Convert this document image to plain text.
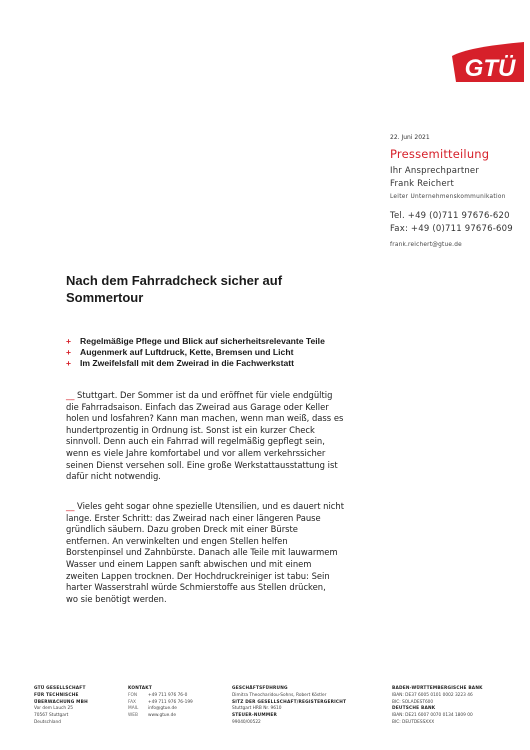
GTÜ
22. Juni 2021
Pressemitteilung
Ihr Ansprechpartner
Frank Reichert
Leiter Unternehmenskommunikation
Tel. +49 (0)711 97676-620
Fax: +49 (0)711 97676-609
frank.reichert@gtue.de
Nach dem Fahrradcheck sicher auf
Sommertour
+ Regelmäßige Pflege und Blick auf sicherheitsrelevante Teile
+ Augenmerk auf Luftdruck, Kette, Bremsen und Licht
+ Im Zweifelsfall mit dem Zweirad in die Fachwerkstatt
__ Stuttgart. Der Sommer ist da und eröffnet für viele endgültig
die Fahrradsaison. Einfach das Zweirad aus Garage oder Keller
holen und losfahren? Kann man machen, wenn man weiß, dass es
hundertprozentig in Ordnung ist. Sonst ist ein kurzer Check
sinnvoll. Denn auch ein Fahrrad will regelmäßig gepflegt sein,
wenn es viele Jahre komfortabel und vor allem verkehrssicher
seinen Dienst versehen soll. Eine große Werkstattausstattung ist
dafür nicht notwendig.
__ Vieles geht sogar ohne spezielle Utensilien, und es dauert nicht
lange. Erster Schritt: das Zweirad nach einer längeren Pause
gründlich säubern. Dazu groben Dreck mit einer Bürste
entfernen. An verwinkelten und engen Stellen helfen
Borstenpinsel und Zahnbürste. Danach alle Teile mit lauwarmem
Wasser und einem Lappen sanft abwischen und mit einem
zweiten Lappen trocknen. Der Hochdruckreiniger ist tabu: Sein
harter Wasserstrahl würde Schmierstoffe aus Stellen drücken,
wo sie benötigt werden.
GTÜ GESELLSCHAFT
FÜR TECHNISCHE
ÜBERWACHUNG MBH
Vor dem Lauch 25
70567 Stuttgart
Deutschland
KONTAKT
FON	+49 711 976 76-0
FAX	+49 711 976 76-199
MAIL info@gtue.de
WEB www.gtue.de
GESCHÄFTSFÜHRUNG
Dimitra Theocharidou-Sohns, Robert Köstler
SITZ DER GESELLSCHAFT/REGISTERGERICHT
Stuttgart HRB Nr. 9610
STEUER-NUMMER
99040/00522
BADEN-WÜRTTEMBERGISCHE BANK
IBAN: DE37 6005 0101 0002 3223 46
BIC: SOLADEST600
DEUTSCHE BANK
IBAN: DE21 6007 0070 0134 1809 00
BIC: DEUTDESSXXX
